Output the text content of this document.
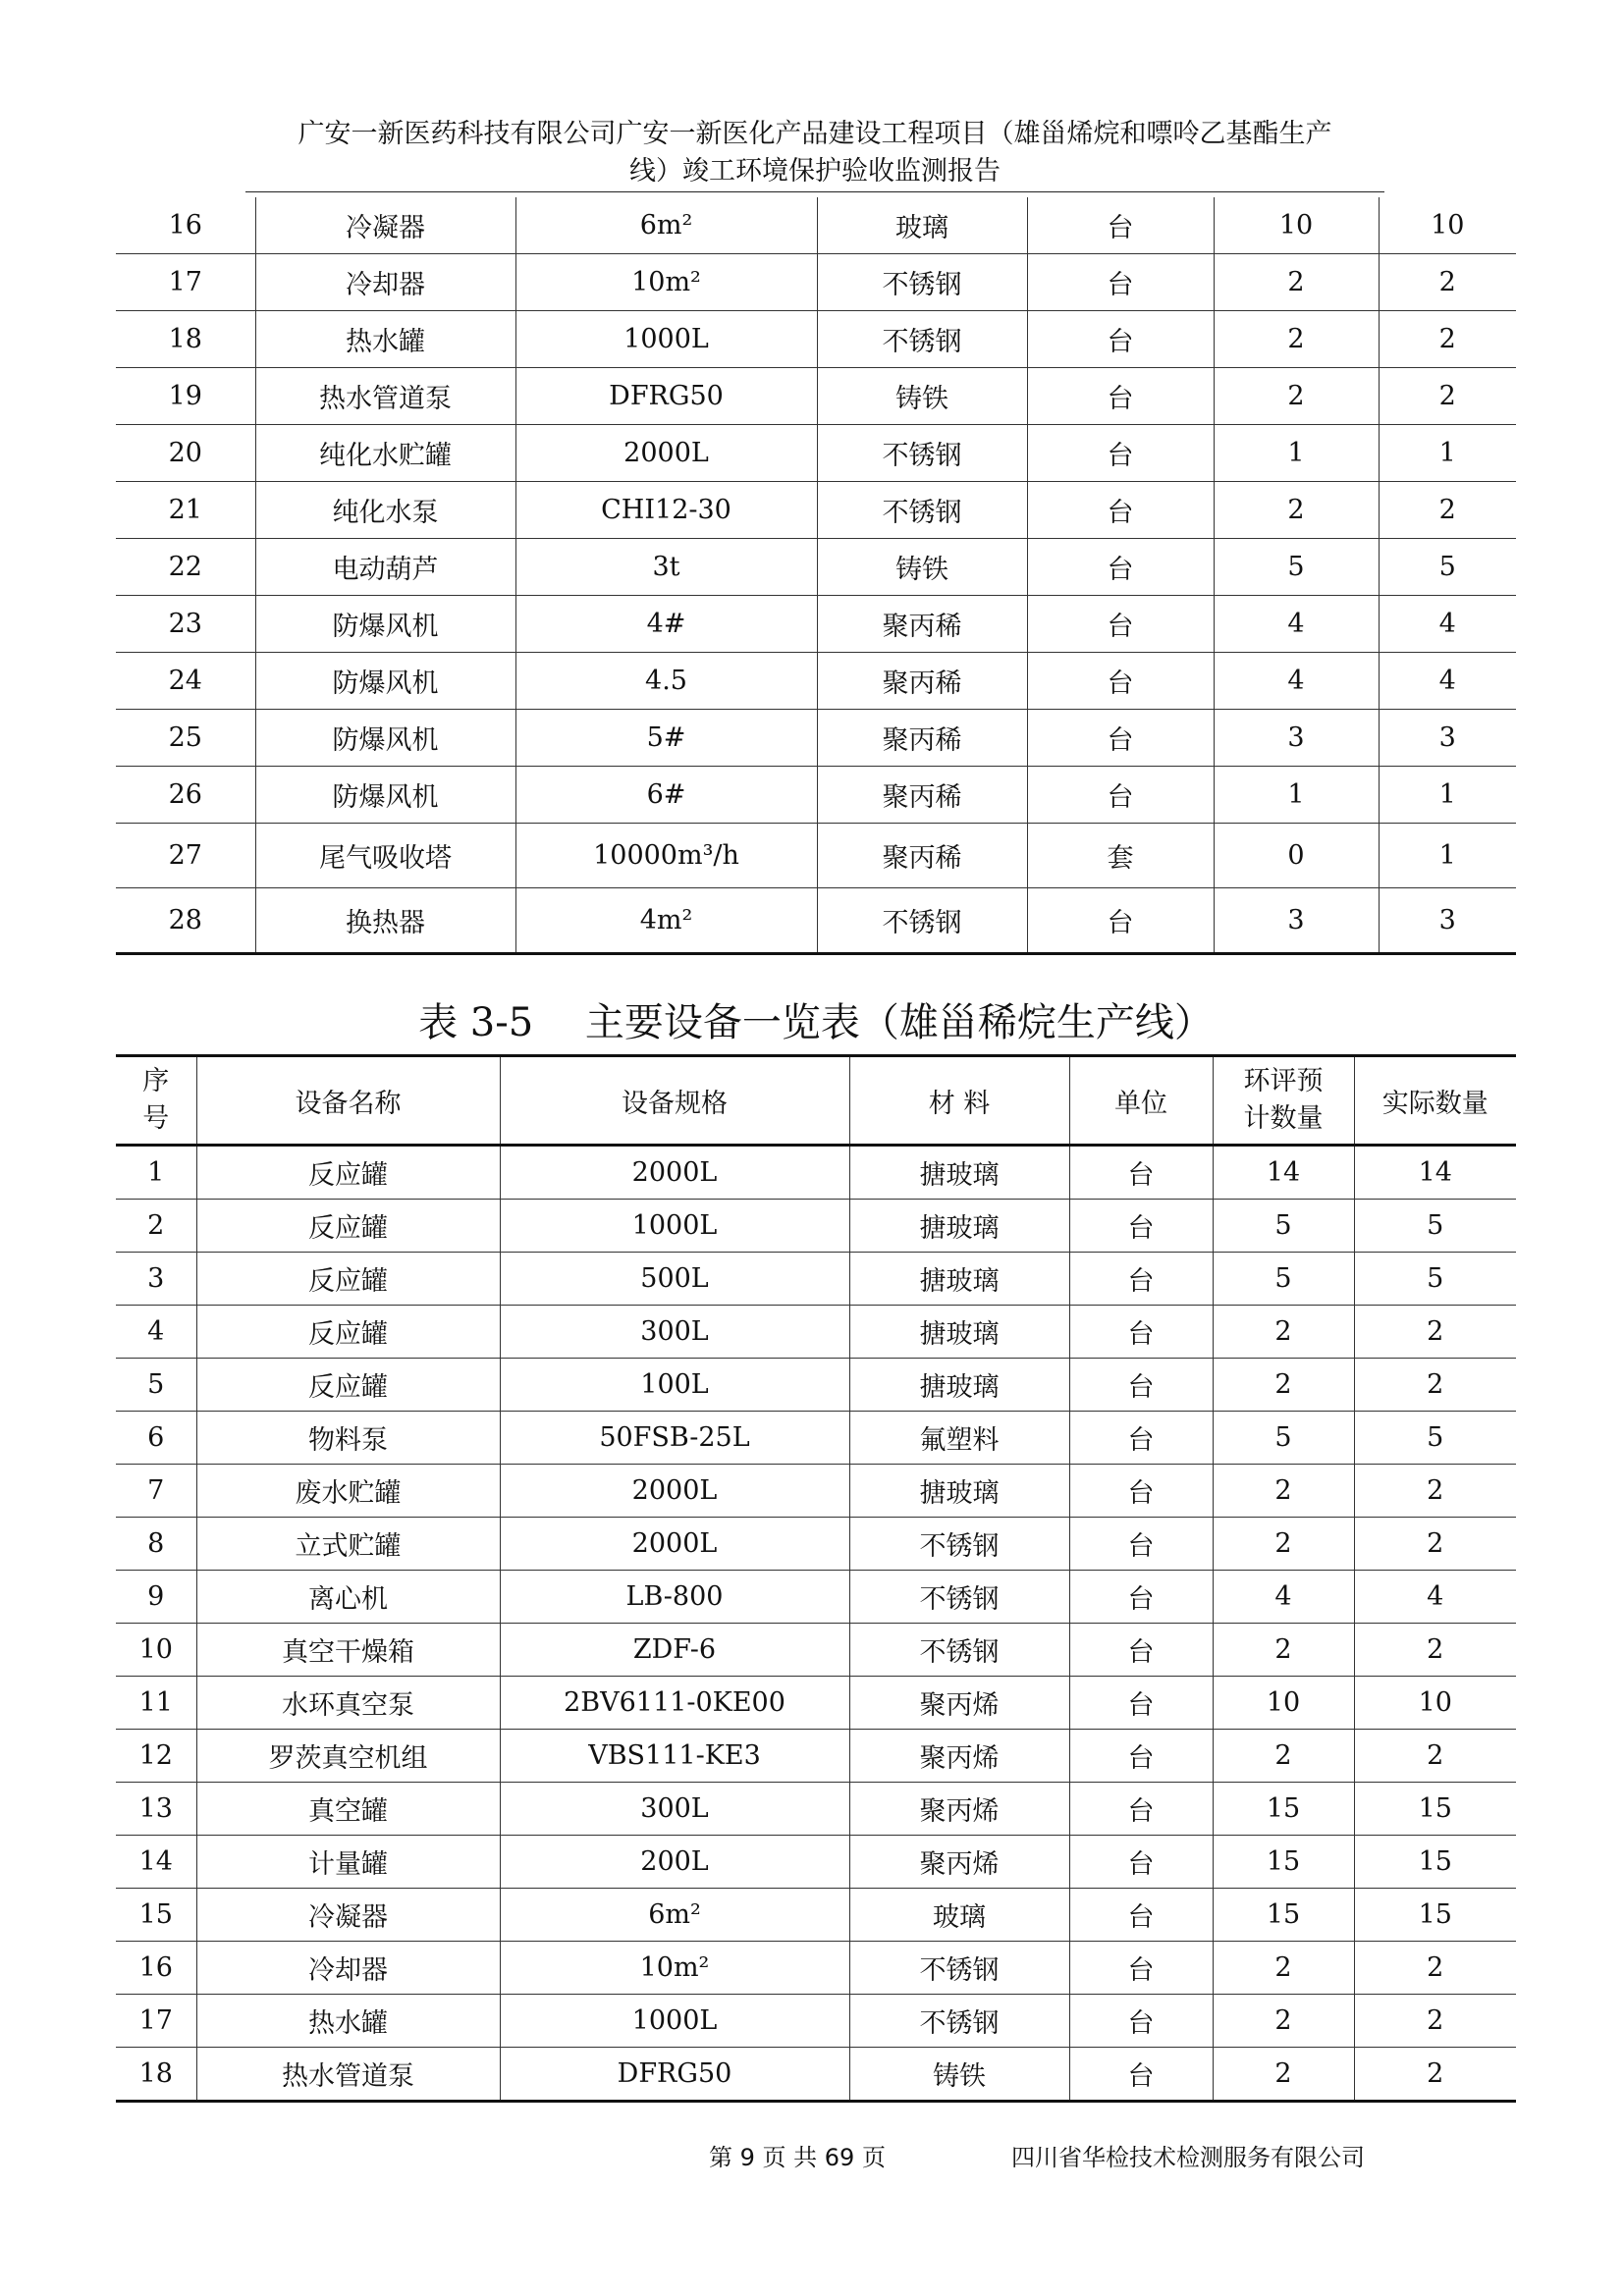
广安一新医药科技有限公司广安一新医化产品建设工程项目（雄甾烯烷和嘌呤乙基酯生产
线）竣工环境保护验收监测报告
16	冷凝器	6m²	玻璃	台	10	10
17	冷却器	10m²	不锈钢	台	2	2
18	热水罐	1000L	不锈钢	台	2	2
19	热水管道泵	DFRG50	铸铁	台	2	2
20	纯化水贮罐	2000L	不锈钢	台	1	1
21	纯化水泵	CHI12-30	不锈钢	台	2	2
22	电动葫芦	3t	铸铁	台	5	5
23	防爆风机	4#	聚丙稀	台	4	4
24	防爆风机	4.5	聚丙稀	台	4	4
25	防爆风机	5#	聚丙稀	台	3	3
26	防爆风机	6#	聚丙稀	台	1	1
27	尾气吸收塔	10000m³/h	聚丙稀	套	0	1
28	换热器	4m²	不锈钢	台	3	3
表 3-5　 主要设备一览表（雄甾稀烷生产线）
序号	设备名称	设备规格	材 料	单位	环评预计数量	实际数量
1	反应罐	2000L	搪玻璃	台	14	14
2	反应罐	1000L	搪玻璃	台	5	5
3	反应罐	500L	搪玻璃	台	5	5
4	反应罐	300L	搪玻璃	台	2	2
5	反应罐	100L	搪玻璃	台	2	2
6	物料泵	50FSB-25L	氟塑料	台	5	5
7	废水贮罐	2000L	搪玻璃	台	2	2
8	立式贮罐	2000L	不锈钢	台	2	2
9	离心机	LB-800	不锈钢	台	4	4
10	真空干燥箱	ZDF-6	不锈钢	台	2	2
11	水环真空泵	2BV6111-0KE00	聚丙烯	台	10	10
12	罗茨真空机组	VBS111-KE3	聚丙烯	台	2	2
13	真空罐	300L	聚丙烯	台	15	15
14	计量罐	200L	聚丙烯	台	15	15
15	冷凝器	6m²	玻璃	台	15	15
16	冷却器	10m²	不锈钢	台	2	2
17	热水罐	1000L	不锈钢	台	2	2
18	热水管道泵	DFRG50	铸铁	台	2	2
第 9 页 共 69 页	四川省华检技术检测服务有限公司
